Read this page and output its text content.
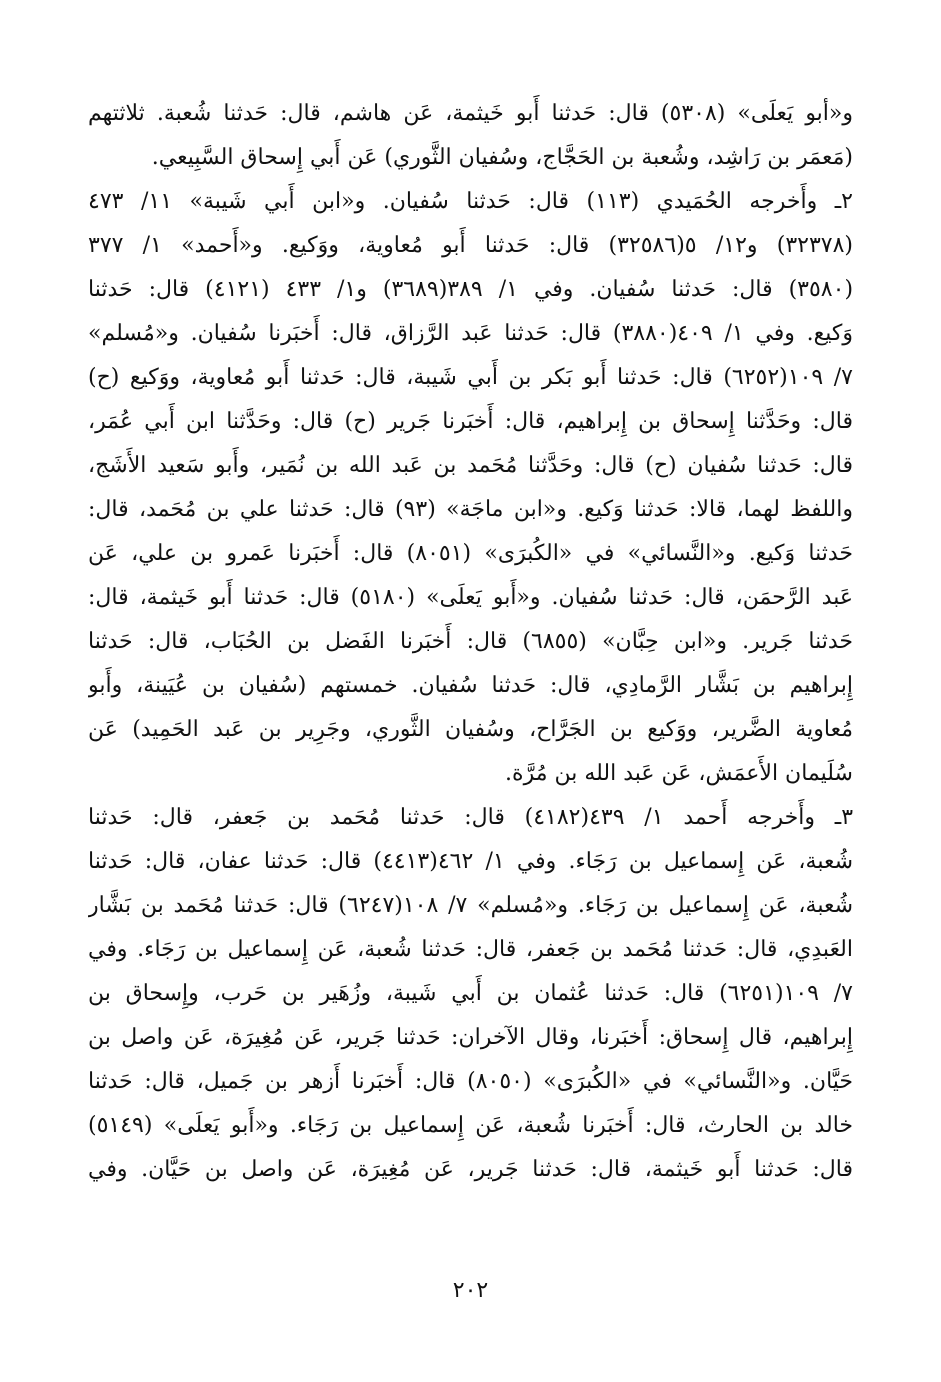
و«أبو يَعلَى» (٥٣٠٨) قال: حَدثنا أَبو خَيثمة، عَن هاشم، قال: حَدثنا شُعبة. ثلاثتهم
(مَعمَر بن رَاشِد، وشُعبة بن الحَجَّاج، وسُفيان الثَّوري) عَن أَبي إِسحاق السَّبِيعي.
٢ـ وأَخرجه الحُمَيدي (١١٣) قال: حَدثنا سُفيان. و«ابن أَبي شَيبة» ١١/ ٤٧٣
(٣٢٣٧٨) و١٢/ ٥(٣٢٥٨٦) قال: حَدثنا أَبو مُعاوية، ووَكيع. و«أَحمد» ١/ ٣٧٧
(٣٥٨٠) قال: حَدثنا سُفيان. وفي ١/ ٣٨٩(٣٦٨٩) و١/ ٤٣٣ (٤١٢١) قال: حَدثنا
وَكيع. وفي ١/ ٤٠٩(٣٨٨٠) قال: حَدثنا عَبد الرَّزاق، قال: أَخبَرنا سُفيان. و«مُسلم»
٧/ ١٠٩(٦٢٥٢) قال: حَدثنا أَبو بَكر بن أَبي شَيبة، قال: حَدثنا أَبو مُعاوية، ووَكيع (ح)
قال: وحَدَّثنا إِسحاق بن إِبراهيم، قال: أَخبَرنا جَرير (ح) قال: وحَدَّثنا ابن أَبي عُمَر،
قال: حَدثنا سُفيان (ح) قال: وحَدَّثنا مُحَمد بن عَبد الله بن نُمَير، وأَبو سَعيد الأَشَج،
واللفظ لهما، قالا: حَدثنا وَكيع. و«ابن ماجَة» (٩٣) قال: حَدثنا علي بن مُحَمد، قال:
حَدثنا وَكيع. و«النَّسائي» في «الكُبرَى» (٨٠٥١) قال: أَخبَرنا عَمرو بن علي، عَن
عَبد الرَّحمَن، قال: حَدثنا سُفيان. و«أَبو يَعلَى» (٥١٨٠) قال: حَدثنا أَبو خَيثمة، قال:
حَدثنا جَرير. و«ابن حِبَّان» (٦٨٥٥) قال: أَخبَرنا الفَضل بن الحُبَاب، قال: حَدثنا
إِبراهيم بن بَشَّار الرَّمادِي، قال: حَدثنا سُفيان. خمستهم (سُفيان بن عُيَينة، وأَبو
مُعاوية الضَّرير، ووَكيع بن الجَرَّاح، وسُفيان الثَّوري، وجَرِير بن عَبد الحَمِيد) عَن
سُلَيمان الأَعمَش، عَن عَبد الله بن مُرَّة.
٣ـ وأَخرجه أَحمد ١/ ٤٣٩(٤١٨٢) قال: حَدثنا مُحَمد بن جَعفر، قال: حَدثنا
شُعبة، عَن إِسماعيل بن رَجَاء. وفي ١/ ٤٦٢(٤٤١٣) قال: حَدثنا عفان، قال: حَدثنا
شُعبة، عَن إِسماعيل بن رَجَاء. و«مُسلم» ٧/ ١٠٨(٦٢٤٧) قال: حَدثنا مُحَمد بن بَشَّار
العَبدِي، قال: حَدثنا مُحَمد بن جَعفر، قال: حَدثنا شُعبة، عَن إِسماعيل بن رَجَاء. وفي
٧/ ١٠٩(٦٢٥١) قال: حَدثنا عُثمان بن أَبي شَيبة، وزُهَير بن حَرب، وإِسحاق بن
إِبراهيم، قال إِسحاق: أَخبَرنا، وقال الآخران: حَدثنا جَرير، عَن مُغِيرَة، عَن واصل بن
حَيَّان. و«النَّسائي» في «الكُبرَى» (٨٠٥٠) قال: أَخبَرنا أَزهر بن جَميل، قال: حَدثنا
خالد بن الحارث، قال: أَخبَرنا شُعبة، عَن إِسماعيل بن رَجَاء. و«أَبو يَعلَى» (٥١٤٩)
قال: حَدثنا أَبو خَيثمة، قال: حَدثنا جَرير، عَن مُغِيرَة، عَن واصل بن حَيَّان. وفي
٢٠٢
